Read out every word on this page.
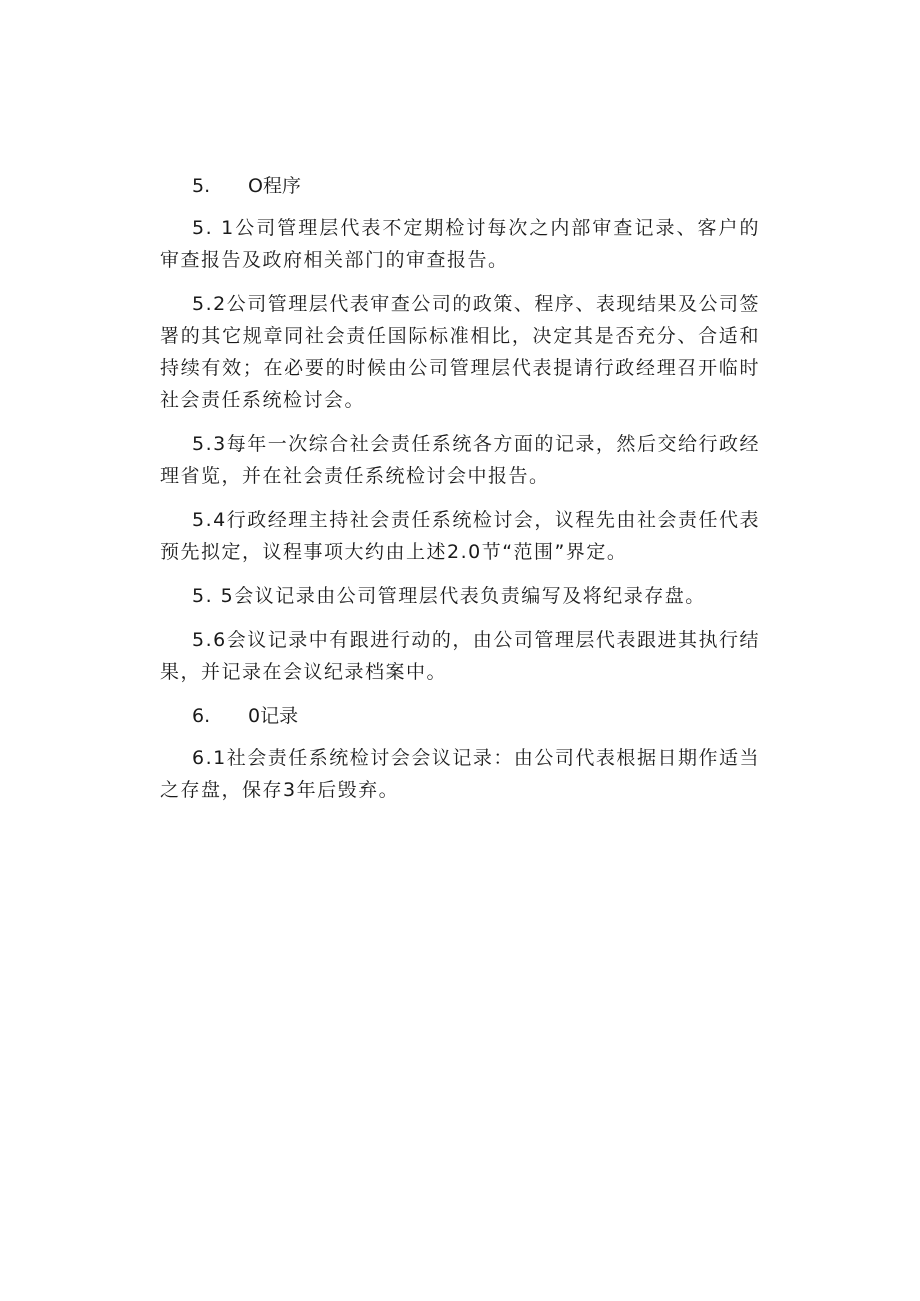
5. O程序

5. 1公司管理层代表不定期检讨每次之内部审查记录、客户的审查报告及政府相关部门的审查报告。

5.2公司管理层代表审查公司的政策、程序、表现结果及公司签署的其它规章同社会责任国际标准相比，决定其是否充分、合适和持续有效；在必要的时候由公司管理层代表提请行政经理召开临时社会责任系统检讨会。

5.3每年一次综合社会责任系统各方面的记录，然后交给行政经理省览，并在社会责任系统检讨会中报告。

5.4行政经理主持社会责任系统检讨会，议程先由社会责任代表预先拟定，议程事项大约由上述2.0节“范围”界定。

5. 5会议记录由公司管理层代表负责编写及将纪录存盘。

5.6会议记录中有跟进行动的，由公司管理层代表跟进其执行结果，并记录在会议纪录档案中。

6. 0记录

6.1社会责任系统检讨会会议记录：由公司代表根据日期作适当之存盘，保存3年后毁弃。
